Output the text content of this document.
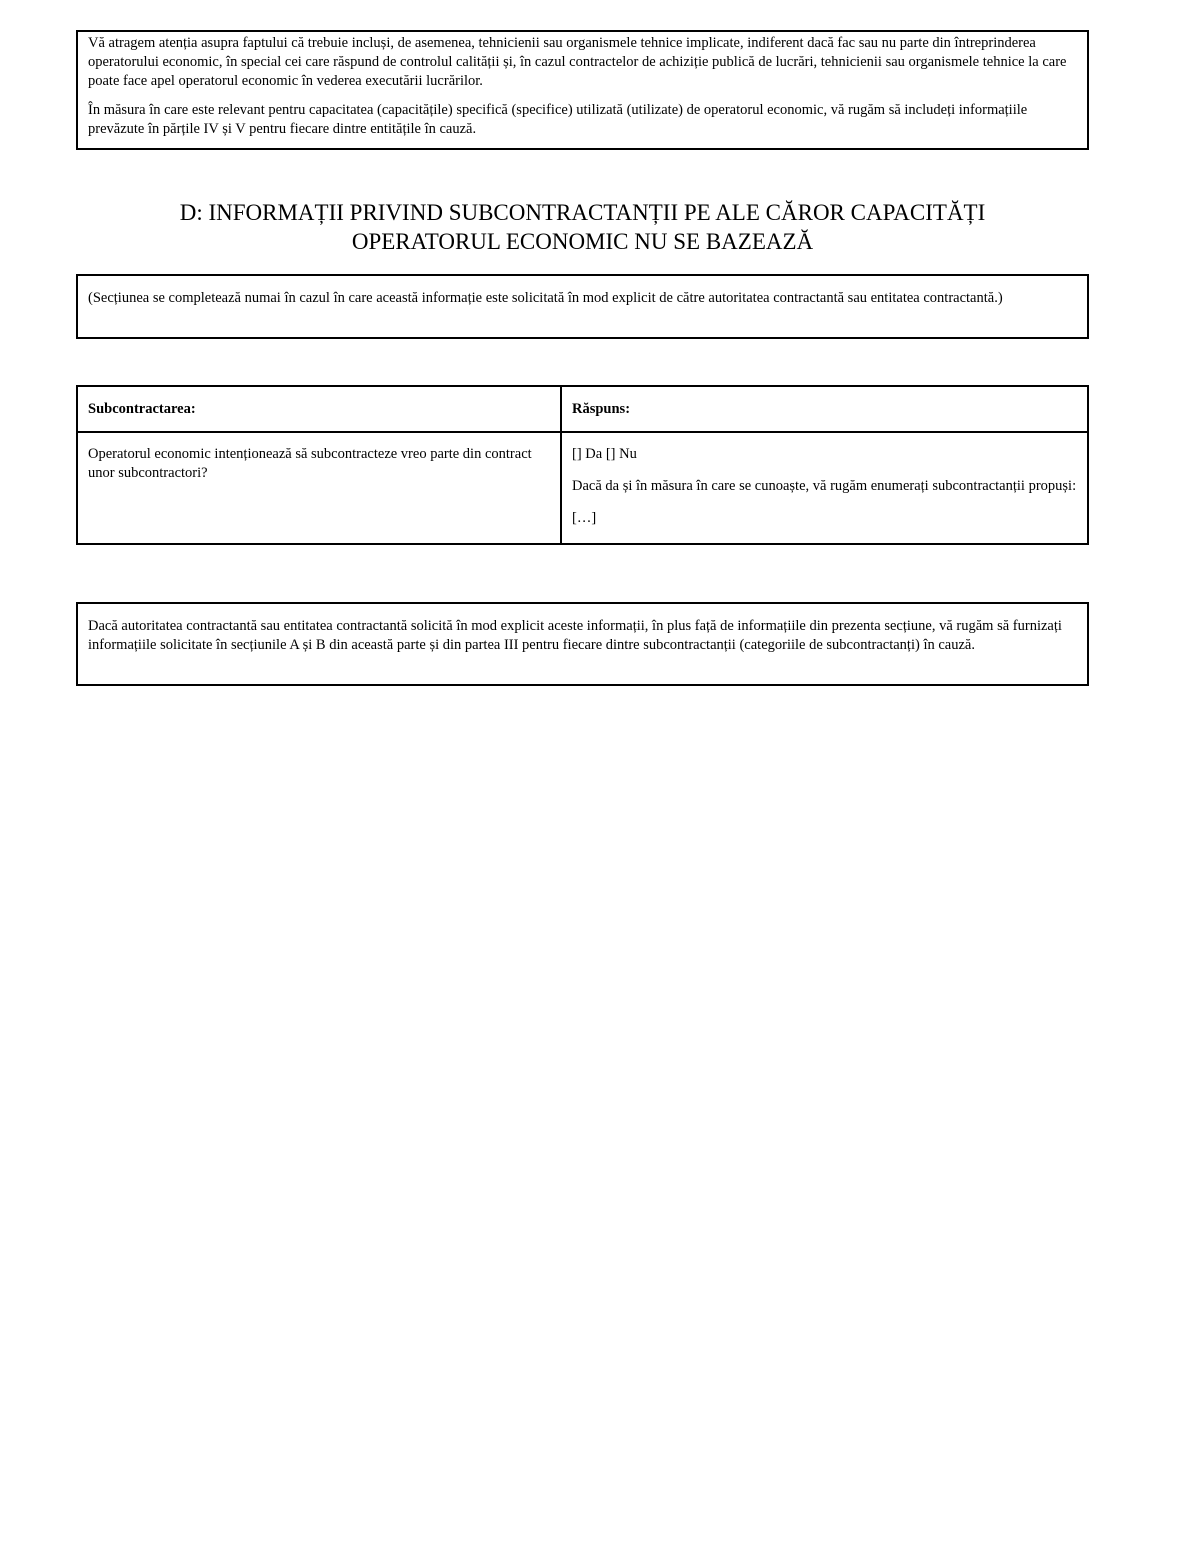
Vă atragem atenția asupra faptului că trebuie incluși, de asemenea, tehnicienii sau organismele tehnice implicate, indiferent dacă fac sau nu parte din întreprinderea operatorului economic, în special cei care răspund de controlul calității și, în cazul contractelor de achiziție publică de lucrări, tehnicienii sau organismele tehnice la care poate face apel operatorul economic în vederea executării lucrărilor.

În măsura în care este relevant pentru capacitatea (capacitățile) specifică (specifice) utilizată (utilizate) de operatorul economic, vă rugăm să includeți informațiile prevăzute în părțile IV și V pentru fiecare dintre entitățile în cauză.

D: INFORMAȚII PRIVIND SUBCONTRACTANȚII PE ALE CĂROR CAPACITĂȚI
OPERATORUL ECONOMIC NU SE BAZEAZĂ

(Secțiunea se completează numai în cazul în care această informație este solicitată în mod explicit de către autoritatea contractantă sau entitatea contractantă.)

Subcontractarea:	Răspuns:

Operatorul economic intenționează să subcontracteze vreo parte din contract unor subcontractori?	[] Da [] Nu

Dacă da și în măsura în care se cunoaște, vă rugăm enumerați subcontractanții propuși:

[…]

Dacă autoritatea contractantă sau entitatea contractantă solicită în mod explicit aceste informații, în plus față de informațiile din prezenta secțiune, vă rugăm să furnizați informațiile solicitate în secțiunile A și B din această parte și din partea III pentru fiecare dintre subcontractanții (categoriile de subcontractanți) în cauză.
